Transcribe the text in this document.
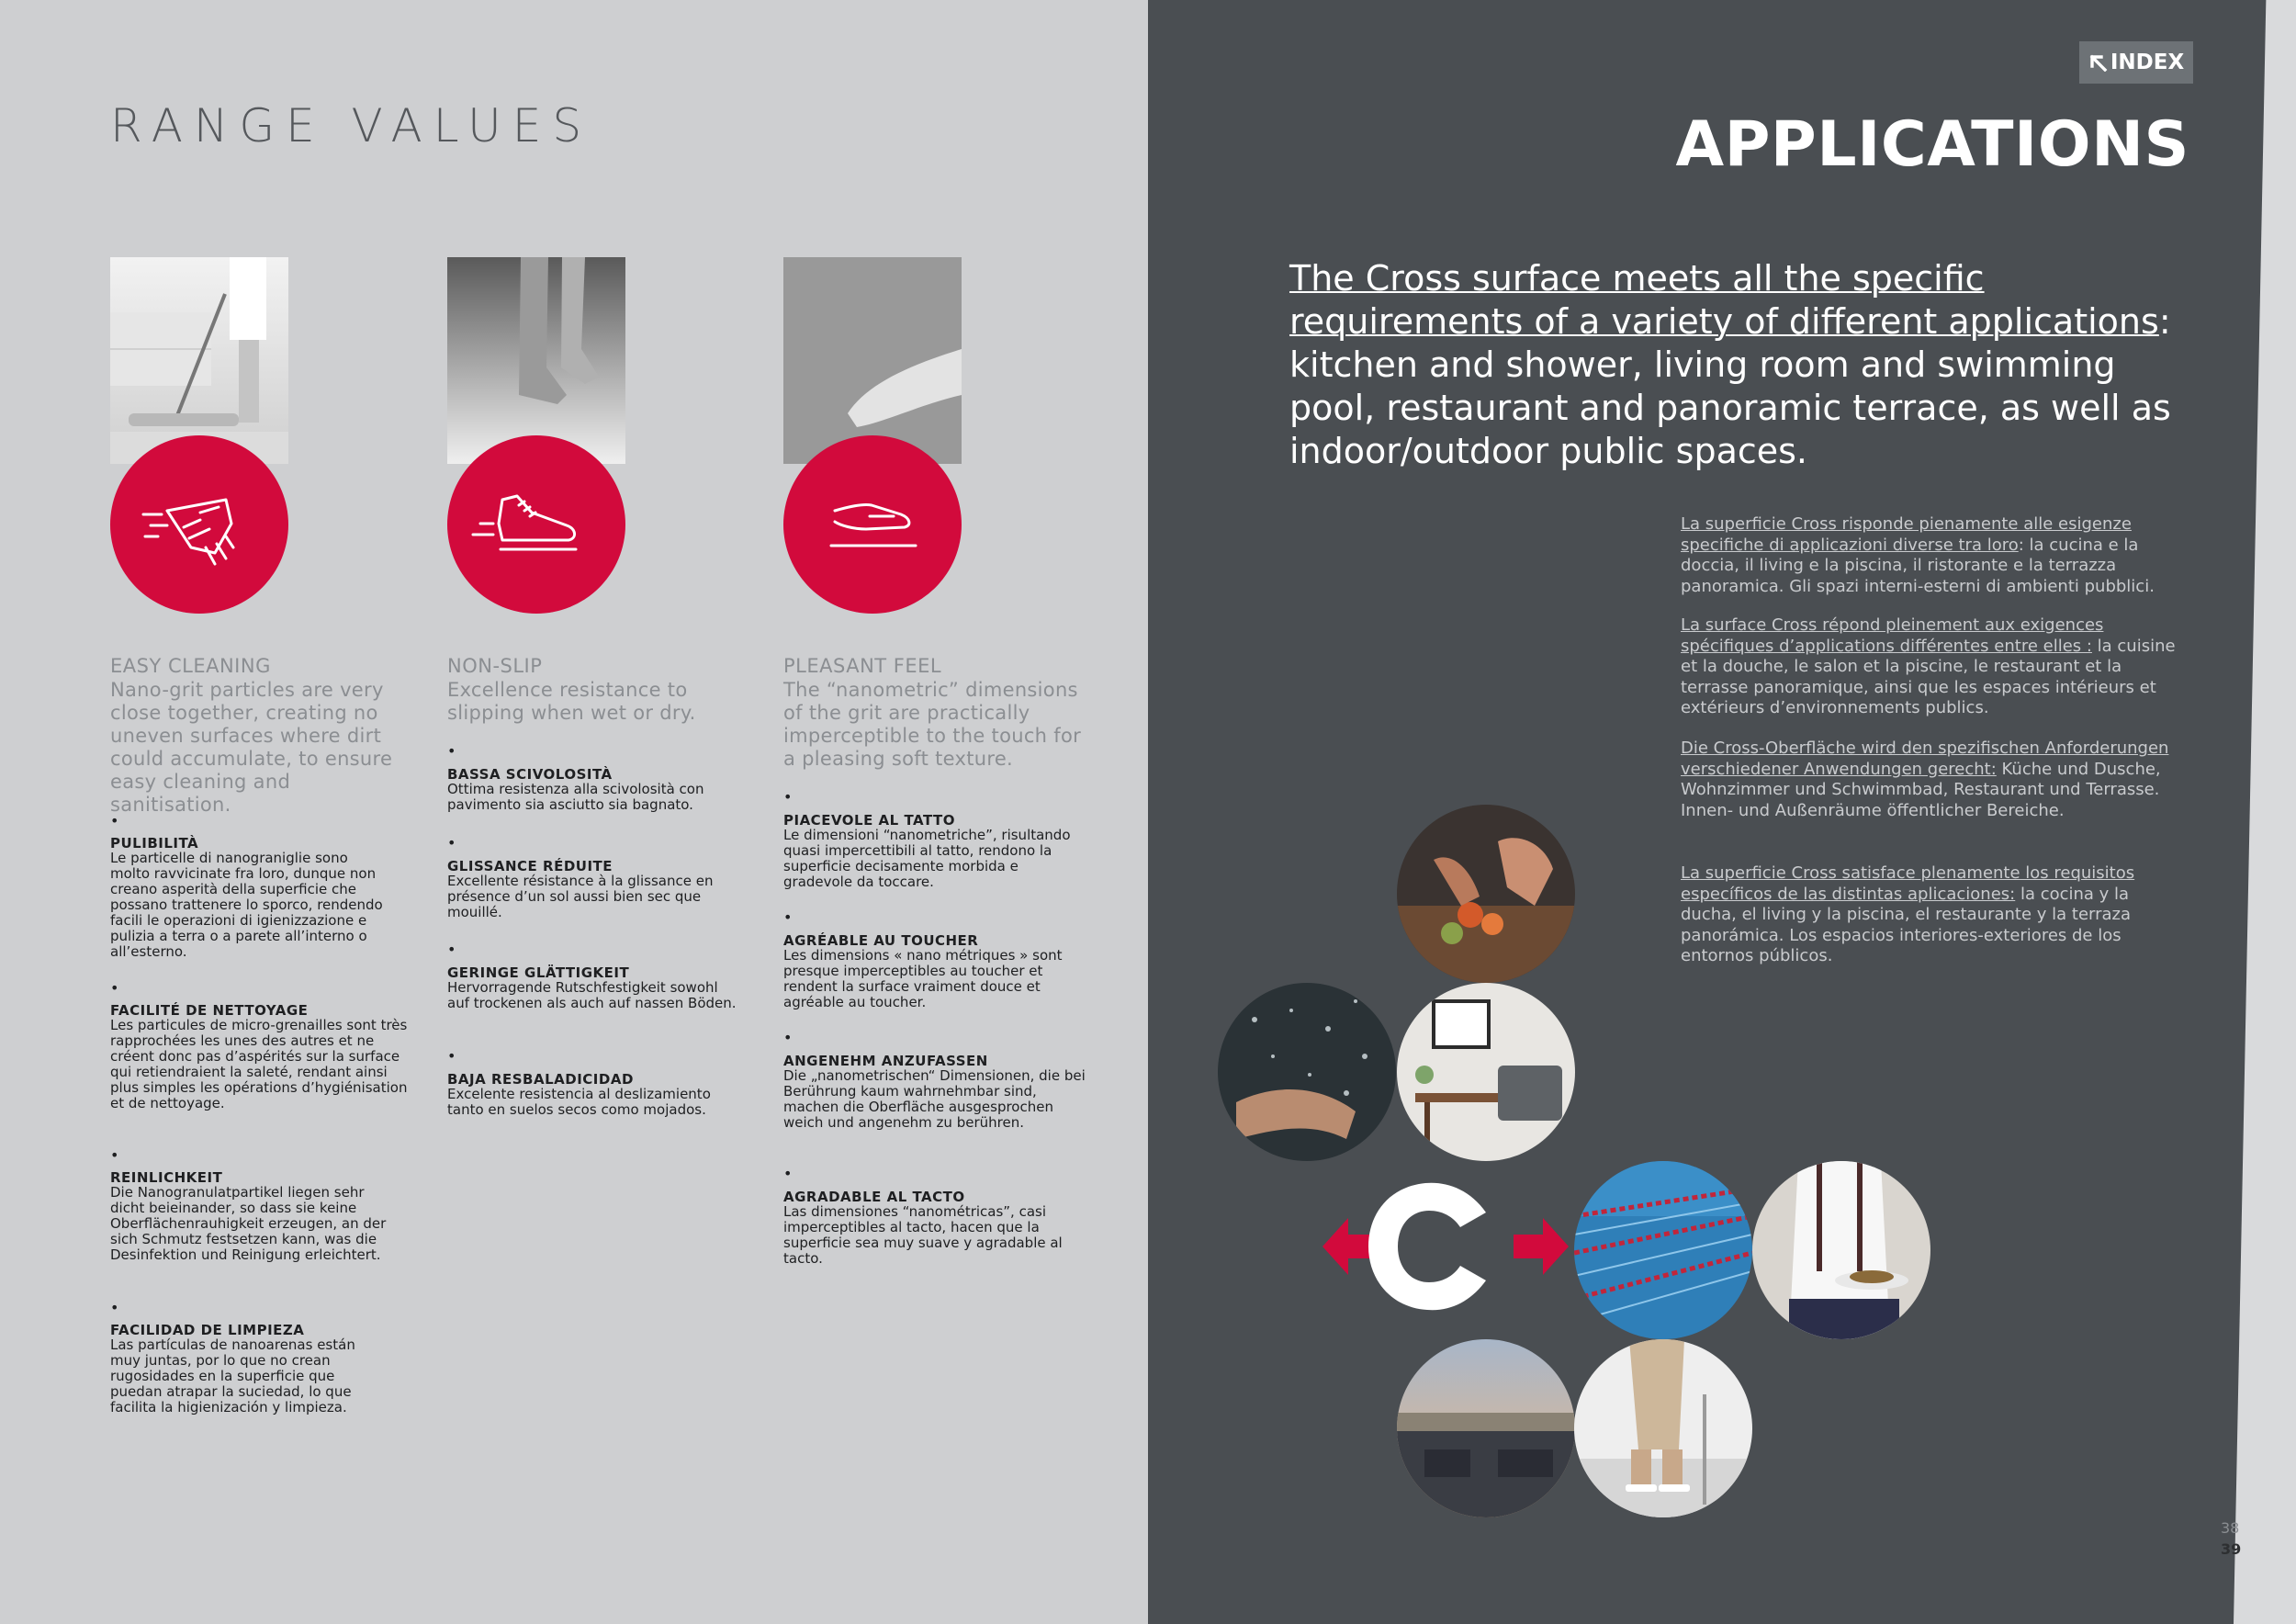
RANGE VALUES
EASY CLEANING
Nano-grit particles are very close together, creating no uneven surfaces where dirt could accumulate, to ensure easy cleaning and sanitisation.
•
PULIBILITÀ
Le particelle di nanograniglie sono molto ravvicinate fra loro, dunque non creano asperità della superficie che possano trattenere lo sporco, rendendo facili le operazioni di igienizzazione e pulizia a terra o a parete all’interno o all’esterno.
•
FACILITÉ DE NETTOYAGE
Les particules de micro-grenailles sont très rapprochées les unes des autres et ne créent donc pas d’aspérités sur la surface qui retiendraient la saleté, rendant ainsi plus simples les opérations d’hygiénisation et de nettoyage.
•
REINLICHKEIT
Die Nanogranulatpartikel liegen sehr dicht beieinander, so dass sie keine Oberflächenrauhigkeit erzeugen, an der sich Schmutz festsetzen kann, was die Desinfektion und Reinigung erleichtert.
•
FACILIDAD DE LIMPIEZA
Las partículas de nanoarenas están muy juntas, por lo que no crean rugosidades en la superficie que puedan atrapar la suciedad, lo que facilita la higienización y limpieza.
NON-SLIP
Excellence resistance to slipping when wet or dry.
•
BASSA SCIVOLOSITÀ
Ottima resistenza alla scivolosità con pavimento sia asciutto sia bagnato.
•
GLISSANCE RÉDUITE
Excellente résistance à la glissance en présence d’un sol aussi bien sec que mouillé.
•
GERINGE GLÄTTIGKEIT
Hervorragende Rutschfestigkeit sowohl auf trockenen als auch auf nassen Böden.
•
BAJA RESBALADICIDAD
Excelente resistencia al deslizamiento tanto en suelos secos como mojados.
PLEASANT FEEL
The “nanometric” dimensions of the grit are practically imperceptible to the touch for a pleasing soft texture.
•
PIACEVOLE AL TATTO
Le dimensioni “nanometriche”, risultando quasi impercettibili al tatto, rendono la superficie decisamente morbida e gradevole da toccare.
•
AGRÉABLE AU TOUCHER
Les dimensions « nano métriques » sont presque imperceptibles au toucher et rendent la surface vraiment douce et agréable au toucher.
•
ANGENEHM ANZUFASSEN
Die „nanometrischen“ Dimensionen, die bei Berührung kaum wahrnehmbar sind, machen die Oberfläche ausgesprochen weich und angenehm zu berühren.
•
AGRADABLE AL TACTO
Las dimensiones “nanométricas”, casi imperceptibles al tacto, hacen que la superficie sea muy suave y agradable al tacto.
INDEX
APPLICATIONS
The Cross surface meets all the specific requirements of a variety of different applications: kitchen and shower, living room and swimming pool, restaurant and panoramic terrace, as well as indoor/outdoor public spaces.
La superficie Cross risponde pienamente alle esigenze specifiche di applicazioni diverse tra loro: la cucina e la doccia, il living e la piscina, il ristorante e la terrazza panoramica. Gli spazi interni-esterni di ambienti pubblici.
La surface Cross répond pleinement aux exigences spécifiques d’applications différentes entre elles : la cuisine et la douche, le salon et la piscine, le restaurant et la terrasse panoramique, ainsi que les espaces intérieurs et extérieurs d’environnements publics.
Die Cross-Oberfläche wird den spezifischen Anforderungen verschiedener Anwendungen gerecht: Küche und Dusche, Wohnzimmer und Schwimmbad, Restaurant und Terrasse. Innen- und Außenräume öffentlicher Bereiche.
La superficie Cross satisface plenamente los requisitos específicos de las distintas aplicaciones: la cocina y la ducha, el living y la piscina, el restaurante y la terraza panorámica. Los espacios interiores-exteriores de los entornos públicos.
38
39
